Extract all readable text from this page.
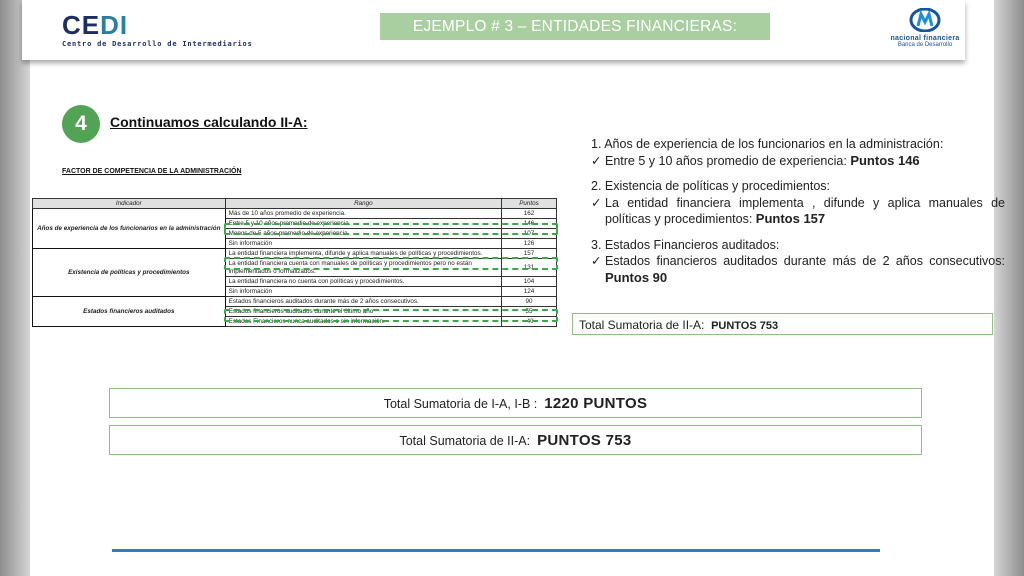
CEDI
Centro de Desarrollo de Intermediarios
EJEMPLO # 3 – ENTIDADES FINANCIERAS:
nacional financiera
Banca de Desarrollo
4	Continuamos calculando II-A:
FACTOR DE COMPETENCIA DE LA ADMINISTRACIÓN
Indicador	Rango	Puntos
Años de experiencia de los funcionarios en la administración	Más de 10 años promedio de experiencia.	162
	Entre 5 y 10 años promedio de experiencia.	146
	Menos de 5 años promedio de experiencia.	107
	Sin información	126
Existencia de políticas y procedimientos	La entidad financiera implementa, difunde y aplica manuales de políticas y procedimientos.	157
	La entidad financiera cuenta con manuales de políticas y procedimientos pero no están implementados o formalizados.	131
	La entidad financiera no cuenta con políticas y procedimientos.	104
	Sin información	124
Estados financieros auditados	Estados financieros auditados durante más de 2 años consecutivos.	90
	Estados financieros auditados durante el último año	55
	Estados Financieros nunca auditados o sin información.	-40

1. Años de experiencia de los funcionarios en la administración:

✓ Entre 5 y 10 años promedio de experiencia: Puntos 146

2. Existencia de políticas y procedimientos:

✓ La entidad financiera implementa , difunde y aplica manuales de políticas y procedimientos: Puntos 157

3. Estados Financieros auditados:

✓ Estados financieros auditados durante más de 2 años consecutivos: Puntos 90
Total Sumatoria de II-A: PUNTOS 753
Total Sumatoria de I-A, I-B : 1220 PUNTOS
Total Sumatoria de II-A: PUNTOS 753
